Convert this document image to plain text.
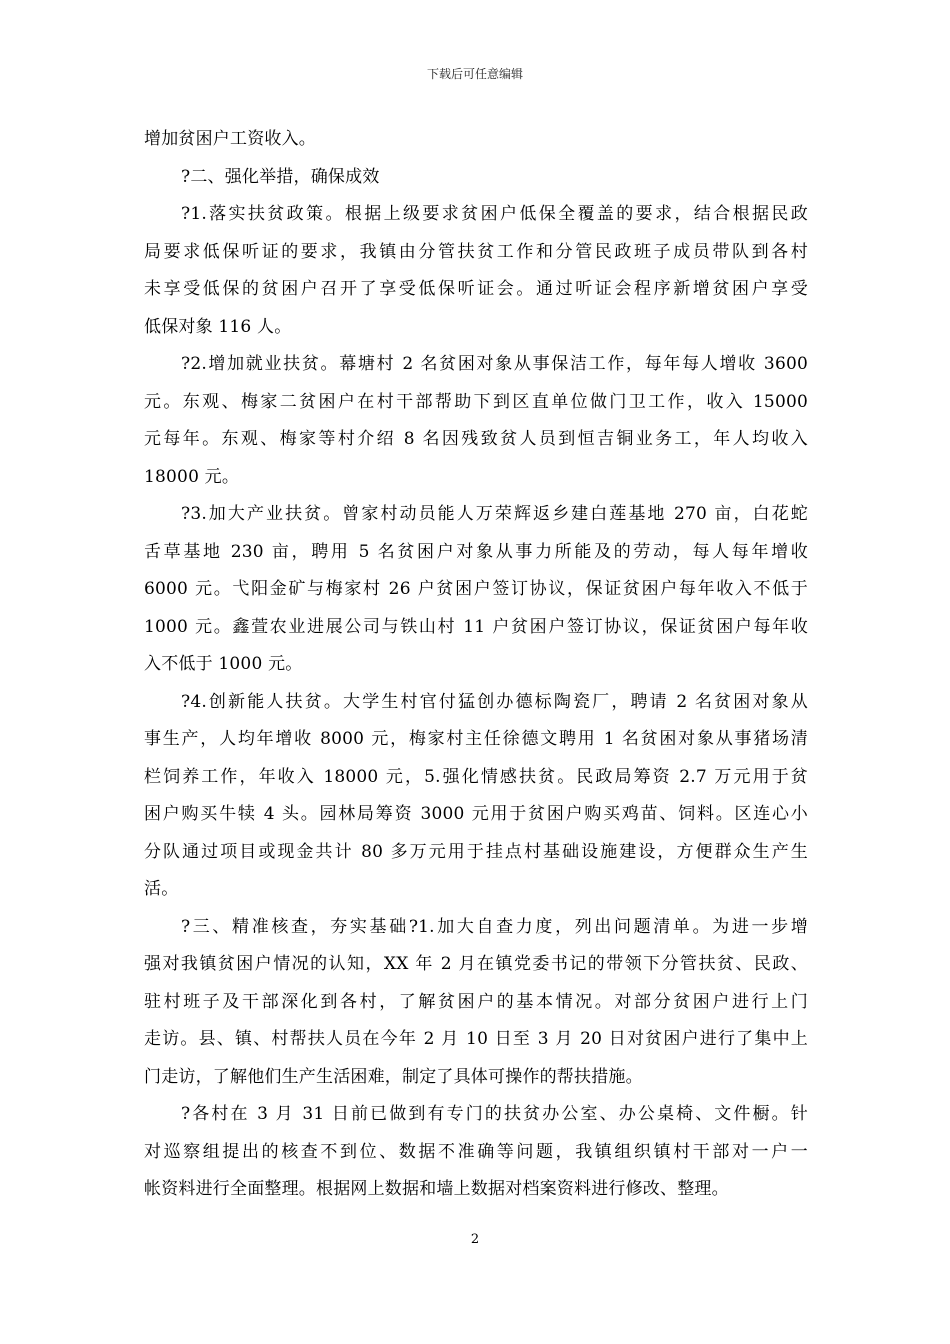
下载后可任意编辑
增加贫困户工资收入。
?二、强化举措，确保成效
?1.落实扶贫政策。根据上级要求贫困户低保全覆盖的要求，结合根据民政
局要求低保听证的要求，我镇由分管扶贫工作和分管民政班子成员带队到各村
未享受低保的贫困户召开了享受低保听证会。通过听证会程序新增贫困户享受
低保对象 116 人。
?2.增加就业扶贫。幕塘村 2 名贫困对象从事保洁工作，每年每人增收 3600
元。东观、梅家二贫困户在村干部帮助下到区直单位做门卫工作，收入 15000
元每年。东观、梅家等村介绍 8 名因残致贫人员到恒吉铜业务工，年人均收入
18000 元。
?3.加大产业扶贫。曾家村动员能人万荣辉返乡建白莲基地 270 亩，白花蛇
舌草基地 230 亩，聘用 5 名贫困户对象从事力所能及的劳动，每人每年增收
6000 元。弋阳金矿与梅家村 26 户贫困户签订协议，保证贫困户每年收入不低于
1000 元。鑫萱农业进展公司与铁山村 11 户贫困户签订协议，保证贫困户每年收
入不低于 1000 元。
?4.创新能人扶贫。大学生村官付猛创办德标陶瓷厂，聘请 2 名贫困对象从
事生产，人均年增收 8000 元，梅家村主任徐德文聘用 1 名贫困对象从事猪场清
栏饲养工作，年收入 18000 元，5.强化情感扶贫。民政局筹资 2.7 万元用于贫
困户购买牛犊 4 头。园林局筹资 3000 元用于贫困户购买鸡苗、饲料。区连心小
分队通过项目或现金共计 80 多万元用于挂点村基础设施建设，方便群众生产生
活。
?三、精准核查，夯实基础?1.加大自查力度，列出问题清单。为进一步增
强对我镇贫困户情况的认知，XX 年 2 月在镇党委书记的带领下分管扶贫、民政、
驻村班子及干部深化到各村，了解贫困户的基本情况。对部分贫困户进行上门
走访。县、镇、村帮扶人员在今年 2 月 10 日至 3 月 20 日对贫困户进行了集中上
门走访，了解他们生产生活困难，制定了具体可操作的帮扶措施。
?各村在 3 月 31 日前已做到有专门的扶贫办公室、办公桌椅、文件橱。针
对巡察组提出的核查不到位、数据不准确等问题，我镇组织镇村干部对一户一
帐资料进行全面整理。根据网上数据和墙上数据对档案资料进行修改、整理。
2
